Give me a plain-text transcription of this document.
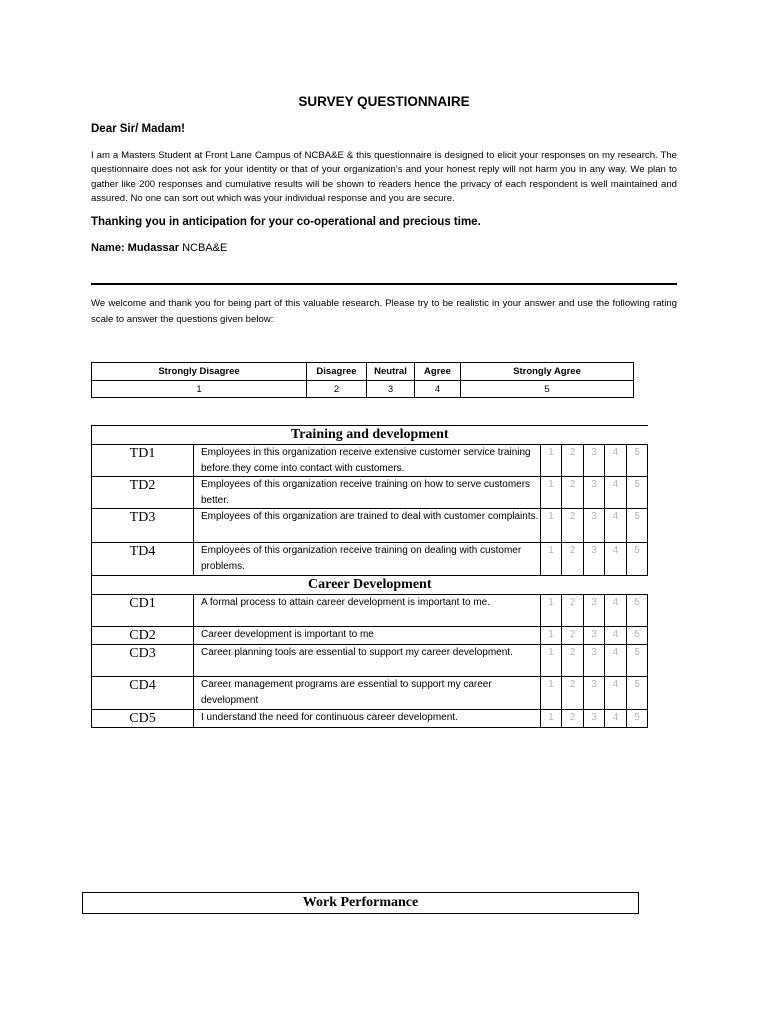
SURVEY QUESTIONNAIRE
Dear Sir/ Madam!
I am a Masters Student at Front Lane Campus of NCBA&E & this questionnaire is designed to elicit your responses on my research. The questionnaire does not ask for your identity or that of your organization's and your honest reply will not harm you in any way. We plan to gather like 200 responses and cumulative results will be shown to readers hence the privacy of each respondent is well maintained and assured. No one can sort out which was your individual response and you are secure.
Thanking you in anticipation for your co-operational and precious time.
Name: Mudassar NCBA&E
We welcome and thank you for being part of this valuable research. Please try to be realistic in your answer and use the following rating scale to answer the questions given below:
Strongly Disagree	Disagree	Neutral	Agree	Strongly Agree
1	2	3	4	5
Training and development						
TD1	Employees in this organization receive extensive customer service training before they come into contact with customers.	1	2	3	4	5
TD2	Employees of this organization receive training on how to serve customers better.	1	2	3	4	5
TD3	Employees of this organization are trained to deal with customer complaints.	1	2	3	4	5
TD4	Employees of this organization receive training on dealing with customer problems.	1	2	3	4	5
Career Development						
CD1	A formal process to attain career development is important to me.	1	2	3	4	5
CD2	Career development is important to me	1	2	3	4	5
CD3	Career planning tools are essential to support my career development.	1	2	3	4	5
CD4	Career management programs are essential to support my career development	1	2	3	4	5
CD5	I understand the need for continuous career development.	1	2	3	4	5
Work Performance
